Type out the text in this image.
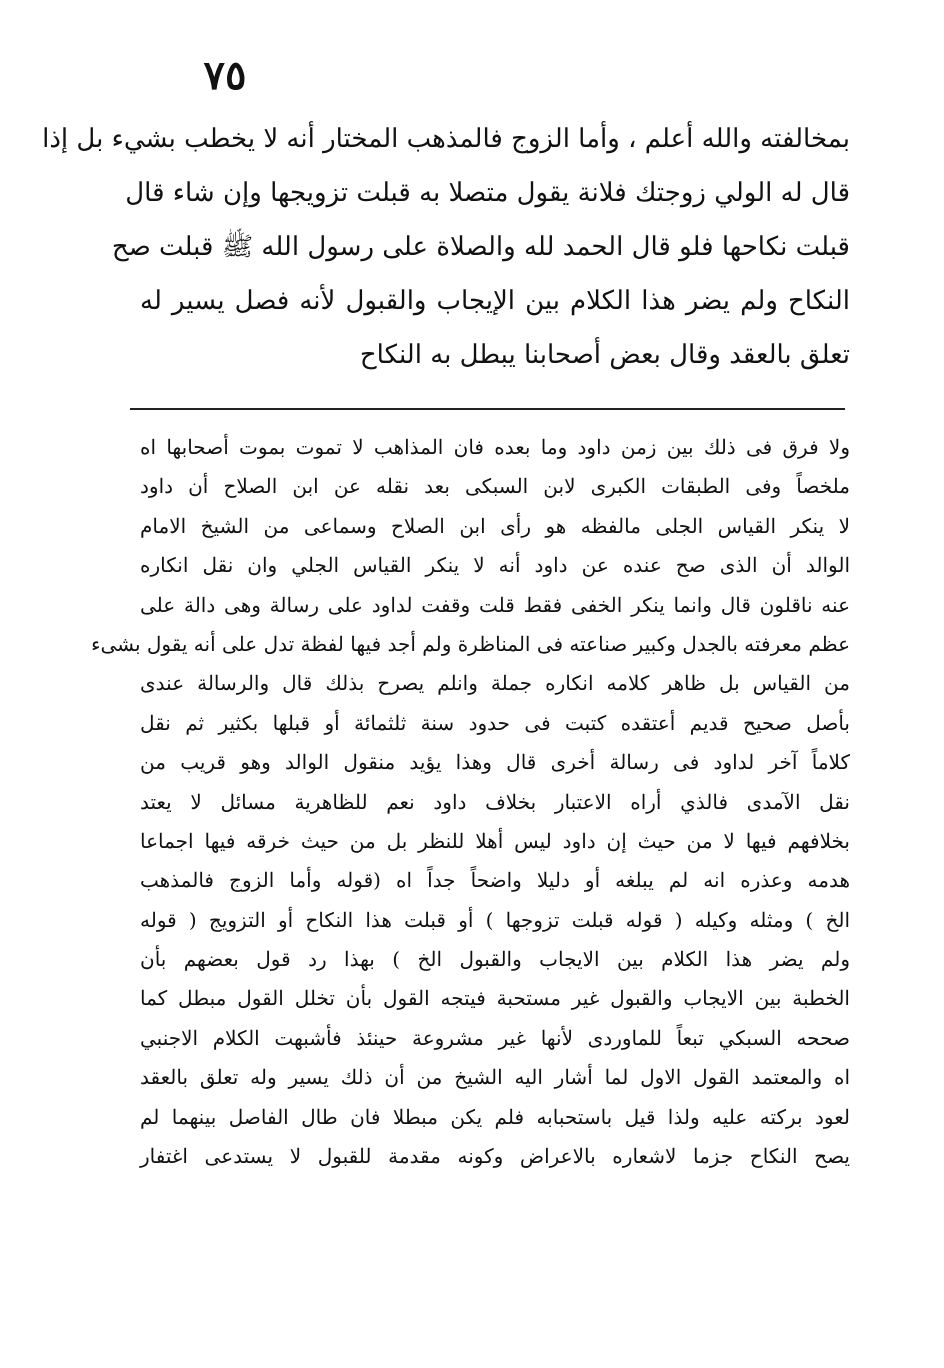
٧٥
بمخالفته والله أعلم ، وأما الزوج فالمذهب المختار أنه لا يخطب بشيء بل إذا
قال له الولي زوجتك فلانة يقول متصلا به قبلت تزويجها وإن شاء قال
قبلت نكاحها فلو قال الحمد لله والصلاة على رسول الله ﷺ قبلت صح
النكاح ولم يضر هذا الكلام بين الإيجاب والقبول لأنه فصل يسير له
تعلق بالعقد وقال بعض أصحابنا يبطل به النكاح
ولا فرق فى ذلك بين زمن داود وما بعده فان المذاهب لا تموت بموت أصحابها اه
ملخصاً وفى الطبقات الكبرى لابن السبكى بعد نقله عن ابن الصلاح أن داود
لا ينكر القياس الجلى مالفظه هو رأى ابن الصلاح وسماعى من الشيخ الامام
الوالد أن الذى صح عنده عن داود أنه لا ينكر القياس الجلي وان نقل انكاره
عنه ناقلون قال وانما ينكر الخفى فقط قلت وقفت لداود على رسالة وهى دالة على
عظم معرفته بالجدل وكبير صناعته فى المناظرة ولم أجد فيها لفظة تدل على أنه يقول بشىء
من القياس بل ظاهر كلامه انكاره جملة وانلم يصرح بذلك قال والرسالة عندى
بأصل صحيح قديم أعتقده كتبت فى حدود سنة ثلثمائة أو قبلها بكثير ثم نقل
كلاماً آخر لداود فى رسالة أخرى قال وهذا يؤيد منقول الوالد وهو قريب من
نقل الآمدى فالذي أراه الاعتبار بخلاف داود نعم للظاهرية مسائل لا يعتد
بخلافهم فيها لا من حيث إن داود ليس أهلا للنظر بل من حيث خرقه فيها اجماعا
هدمه وعذره انه لم يبلغه أو دليلا واضحاً جداً اه (قوله وأما الزوج فالمذهب
الخ ) ومثله وكيله ( قوله قبلت تزوجها ) أو قبلت هذا النكاح أو التزويج ( قوله
ولم يضر هذا الكلام بين الايجاب والقبول الخ ) بهذا رد قول بعضهم بأن
الخطبة بين الايجاب والقبول غير مستحبة فيتجه القول بأن تخلل القول مبطل كما
صححه السبكي تبعاً للماوردى لأنها غير مشروعة حينئذ فأشبهت الكلام الاجنبي
اه والمعتمد القول الاول لما أشار اليه الشيخ من أن ذلك يسير وله تعلق بالعقد
لعود بركته عليه ولذا قيل باستحبابه فلم يكن مبطلا فان طال الفاصل بينهما لم
يصح النكاح جزما لاشعاره بالاعراض وكونه مقدمة للقبول لا يستدعى اغتفار
